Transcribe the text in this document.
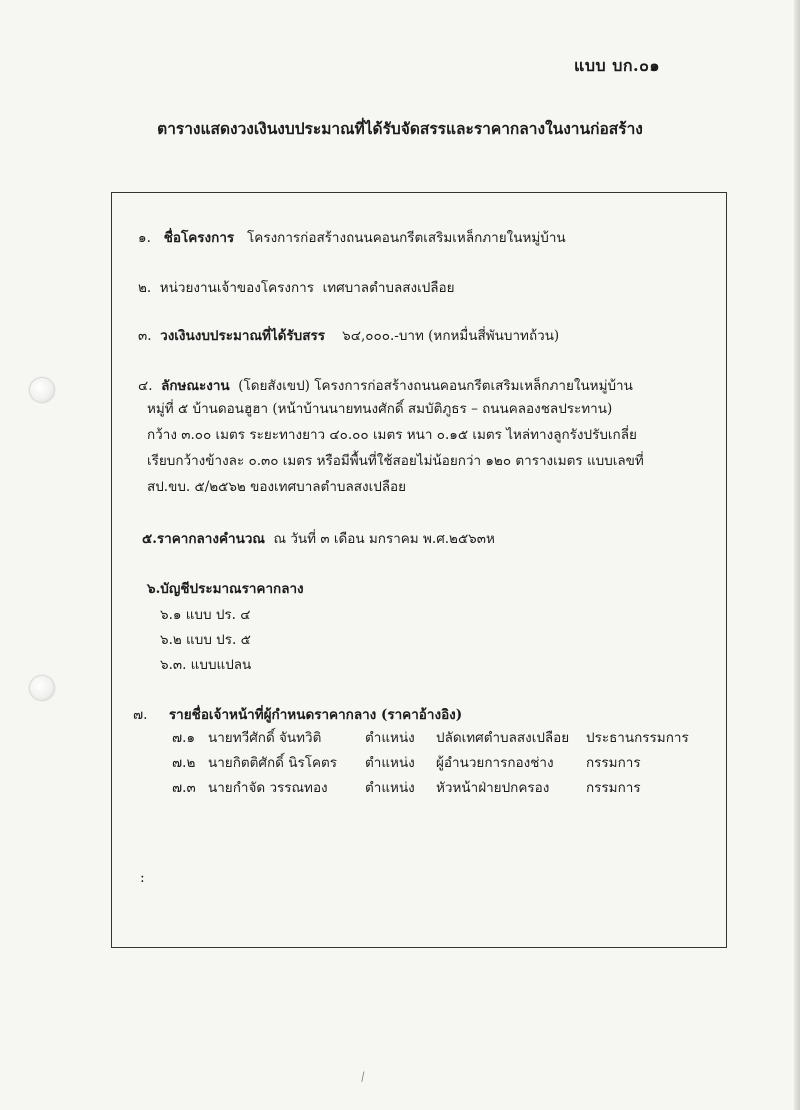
แบบ บก.๐๑
ตารางแสดงวงเงินงบประมาณที่ได้รับจัดสรรและราคากลางในงานก่อสร้าง
๑. ชื่อโครงการ โครงการก่อสร้างถนนคอนกรีตเสริมเหล็กภายในหมู่บ้าน
๒. หน่วยงานเจ้าของโครงการ เทศบาลตำบลสงเปลือย
๓. วงเงินงบประมาณที่ได้รับสรร ๖๔,๐๐๐.-บาท (หกหมื่นสี่พันบาทถ้วน)
๔. ลักษณะงาน (โดยสังเขป) โครงการก่อสร้างถนนคอนกรีตเสริมเหล็กภายในหมู่บ้าน
หมู่ที่ ๕ บ้านดอนฮูฮา (หน้าบ้านนายทนงศักดิ์ สมบัติภูธร – ถนนคลองชลประทาน)
กว้าง ๓.๐๐ เมตร ระยะทางยาว ๔๐.๐๐ เมตร หนา ๐.๑๕ เมตร ไหล่ทางลูกรังปรับเกลี่ย
เรียบกว้างข้างละ ๐.๓๐ เมตร หรือมีพื้นที่ใช้สอยไม่น้อยกว่า ๑๒๐ ตารางเมตร แบบเลขที่
สป.ขบ. ๕/๒๕๖๒ ของเทศบาลตำบลสงเปลือย
๕.ราคากลางคำนวณ ณ วันที่ ๓ เดือน มกราคม พ.ศ.๒๕๖๓ห
๖.บัญชีประมาณราคากลาง
๖.๑ แบบ ปร. ๔
๖.๒ แบบ ปร. ๕
๖.๓. แบบแปลน
๗. รายชื่อเจ้าหน้าที่ผู้กำหนดราคากลาง (ราคาอ้างอิง)
๗.๑ นายทวีศักดิ์ จันทวิติ	ตำแหน่ง ปลัดเทศตำบลสงเปลือย ประธานกรรมการ
๗.๒ นายกิตติศักดิ์ นิรโคตร ตำแหน่ง ผู้อำนวยการกองช่าง กรรมการ
๗.๓ นายกำจัด วรรณทอง	ตำแหน่ง หัวหน้าฝ่ายปกครอง	กรรมการ
:
⁄
